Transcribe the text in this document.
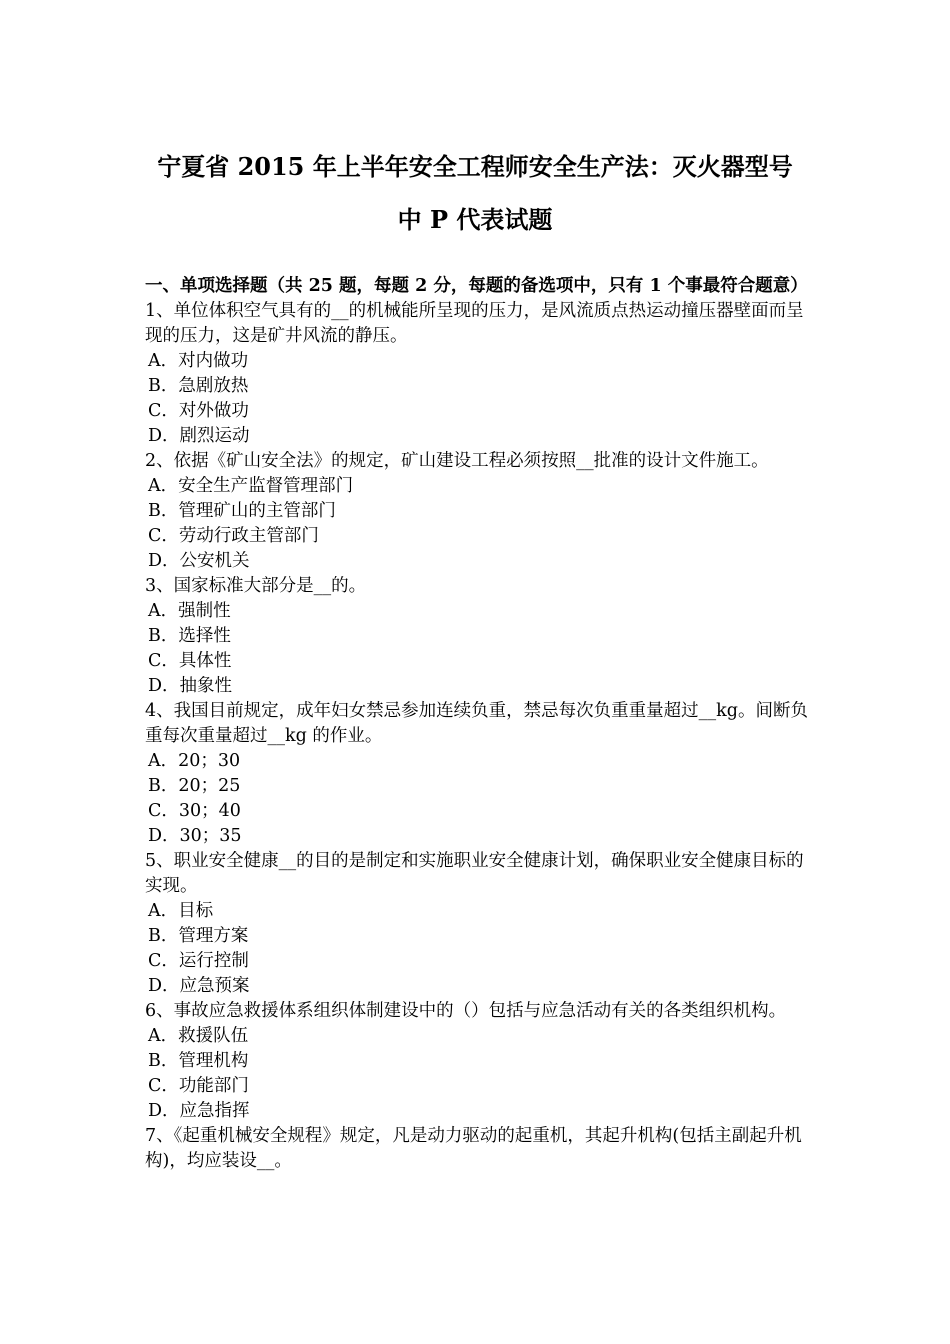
宁夏省 2015 年上半年安全工程师安全生产法：灭火器型号
中 P 代表试题

一、单项选择题（共 25 题，每题 2 分，每题的备选项中，只有 1 个事最符合题意）

1、单位体积空气具有的__的机械能所呈现的压力，是风流质点热运动撞压器壁面而呈现的压力，这是矿井风流的静压。

A．对内做功

B．急剧放热

C．对外做功

D．剧烈运动

2、依据《矿山安全法》的规定，矿山建设工程必须按照__批准的设计文件施工。

A．安全生产监督管理部门

B．管理矿山的主管部门

C．劳动行政主管部门

D．公安机关

3、国家标准大部分是__的。

A．强制性

B．选择性

C．具体性

D．抽象性

4、我国目前规定，成年妇女禁忌参加连续负重，禁忌每次负重重量超过__kg。间断负重每次重量超过__kg 的作业。

A．20；30

B．20；25

C．30；40

D．30；35

5、职业安全健康__的目的是制定和实施职业安全健康计划，确保职业安全健康目标的实现。

A．目标

B．管理方案

C．运行控制

D．应急预案

6、事故应急救援体系组织体制建设中的（）包括与应急活动有关的各类组织机构。

A．救援队伍

B．管理机构

C．功能部门

D．应急指挥

7、《起重机械安全规程》规定，凡是动力驱动的起重机，其起升机构(包括主副起升机构)，均应装设__。
